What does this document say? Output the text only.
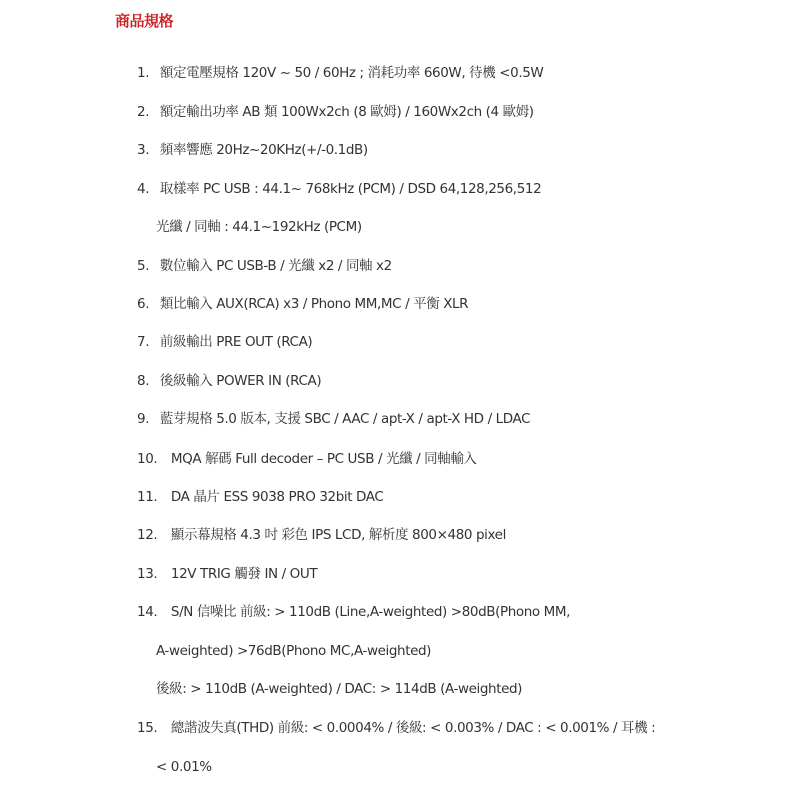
商品規格
1. 額定電壓規格 120V ~ 50 / 60Hz ; 消耗功率 660W, 待機 <0.5W
2. 額定輸出功率 AB 類 100Wx2ch (8 歐姆) / 160Wx2ch (4 歐姆)
3. 頻率響應 20Hz~20KHz(+/-0.1dB)
4. 取樣率 PC USB : 44.1~ 768kHz (PCM) / DSD 64,128,256,512
光纖 / 同軸 : 44.1~192kHz (PCM)
5. 數位輸入 PC USB-B / 光纖 x2 / 同軸 x2
6. 類比輸入 AUX(RCA) x3 / Phono MM,MC / 平衡 XLR
7. 前級輸出 PRE OUT (RCA)
8. 後級輸入 POWER IN (RCA)
9. 藍芽規格 5.0 版本, 支援 SBC / AAC / apt-X / apt-X HD / LDAC
10. MQA 解碼 Full decoder – PC USB / 光纖 / 同軸輸入
11. DA 晶片 ESS 9038 PRO 32bit DAC
12. 顯示幕規格 4.3 吋 彩色 IPS LCD, 解析度 800×480 pixel
13. 12V TRIG 觸發 IN / OUT
14. S/N 信噪比 前級: > 110dB (Line,A-weighted) >80dB(Phono MM,
A-weighted) >76dB(Phono MC,A-weighted)
後級: > 110dB (A-weighted) / DAC: > 114dB (A-weighted)
15. 總諧波失真(THD) 前級: < 0.0004% / 後級: < 0.003% / DAC : < 0.001% / 耳機 :
< 0.01%
